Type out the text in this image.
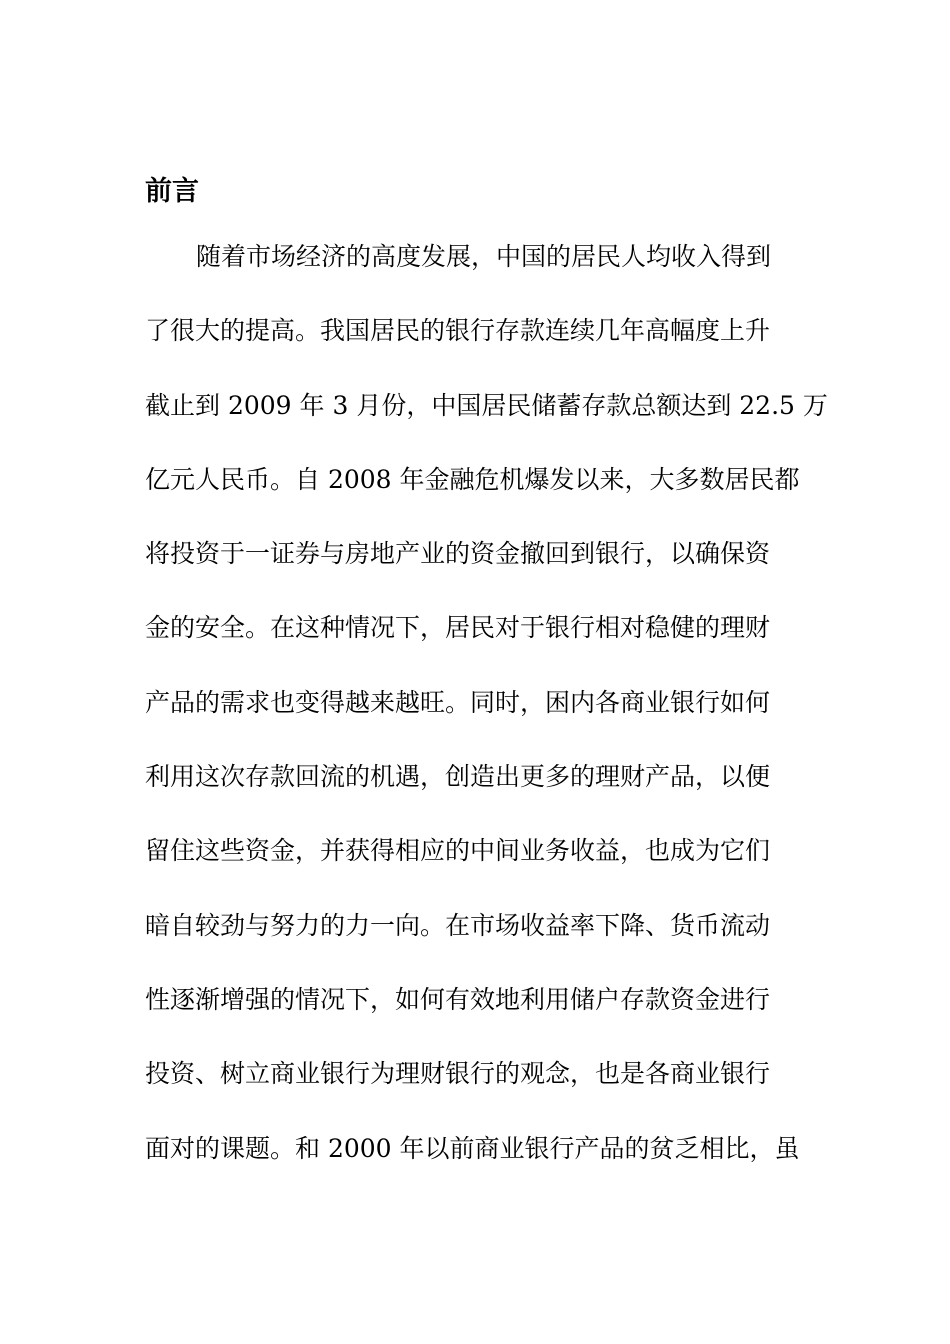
前言
随着市场经济的高度发展，中国的居民人均收入得到
了很大的提高。我国居民的银行存款连续几年高幅度上升
截止到 2009 年 3 月份，中国居民储蓄存款总额达到 22.5 万
亿元人民币。自 2008 年金融危机爆发以来，大多数居民都
将投资于一证券与房地产业的资金撤回到银行，以确保资
金的安全。在这种情况下，居民对于银行相对稳健的理财
产品的需求也变得越来越旺。同时，困内各商业银行如何
利用这次存款回流的机遇，创造出更多的理财产品，以便
留住这些资金，并获得相应的中间业务收益，也成为它们
暗自较劲与努力的力一向。在市场收益率下降、货币流动
性逐渐增强的情况下，如何有效地利用储户存款资金进行
投资、树立商业银行为理财银行的观念，也是各商业银行
面对的课题。和 2000 年以前商业银行产品的贫乏相比，虽
